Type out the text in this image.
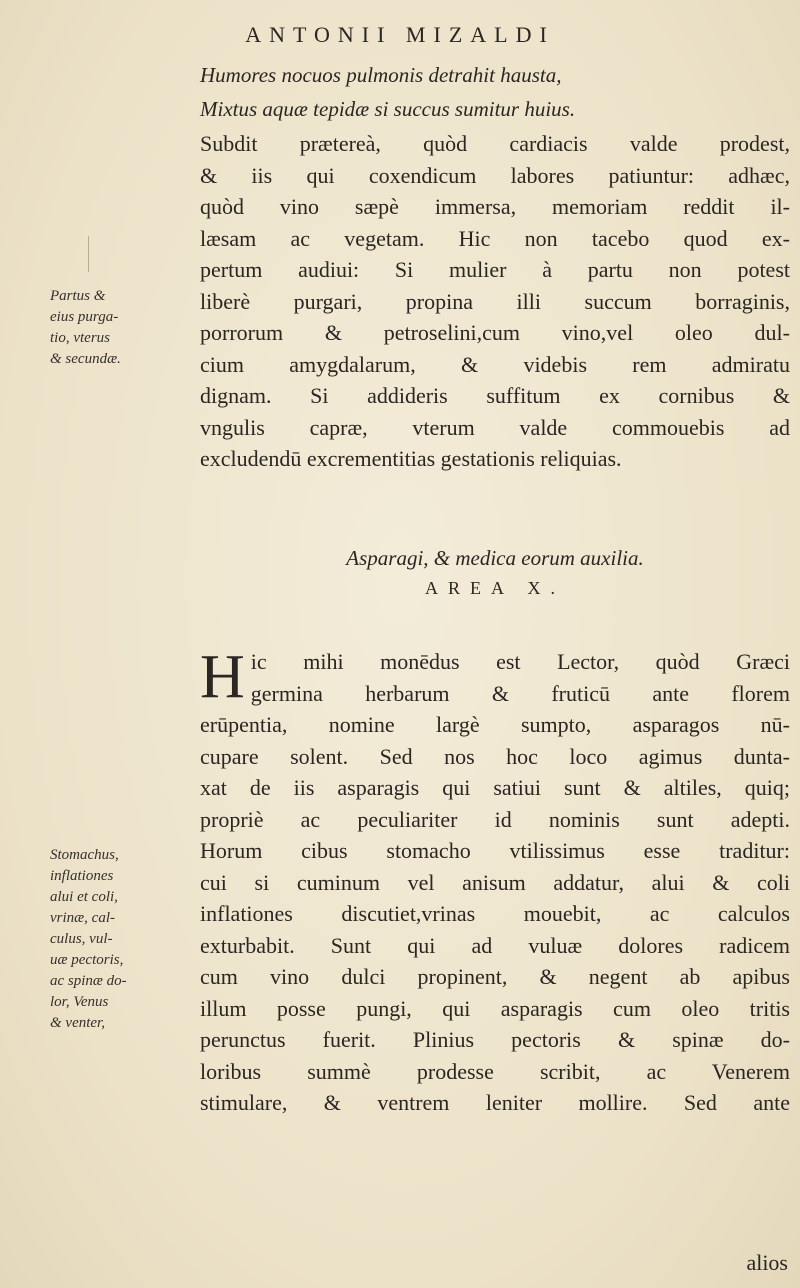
ANTONII MIZALDI
Humores nocuos pulmonis detrahit hausta,
Mixtus aquæ tepidæ si succus sumitur huius.
Subdit prætereà, quòd cardiacis valde prodest,
& iis qui coxendicum labores patiuntur: adhæc,
quòd vino sæpè immersa, memoriam reddit il-
læsam ac vegetam. Hic non tacebo quod ex-
pertum audiui: Si mulier à partu non potest
liberè purgari, propina illi succum borraginis,
porrorum & petroselini,cum vino,vel oleo dul-
cium amygdalarum, & videbis rem admiratu
dignam. Si addideris suffitum ex cornibus &
vngulis capræ, vterum valde commouebis ad
excludendū excrementitias gestationis reliquias.
Partus &
eius purga-
tio, vterus
& secundæ.
Asparagi, & medica eorum auxilia.
AREA X.
H ic mihi monēdus est Lector, quòd Græci
germina herbarum & fruticū ante florem
erūpentia, nomine largè sumpto, asparagos nū-
cupare solent. Sed nos hoc loco agimus dunta-
xat de iis asparagis qui satiui sunt & altiles, quiq;
propriè ac peculiariter id nominis sunt adepti.
Horum cibus stomacho vtilissimus esse traditur:
cui si cuminum vel anisum addatur, alui & coli
inflationes discutiet,vrinas mouebit, ac calculos
exturbabit. Sunt qui ad vuluæ dolores radicem
cum vino dulci propinent, & negent ab apibus
illum posse pungi, qui asparagis cum oleo tritis
perunctus fuerit. Plinius pectoris & spinæ do-
loribus summè prodesse scribit, ac Venerem
stimulare, & ventrem leniter mollire. Sed ante
Stomachus,
inflationes
alui et coli,
vrinæ, cal-
culus, vul-
uæ pectoris,
ac spinæ do-
lor, Venus
& venter,
alios
